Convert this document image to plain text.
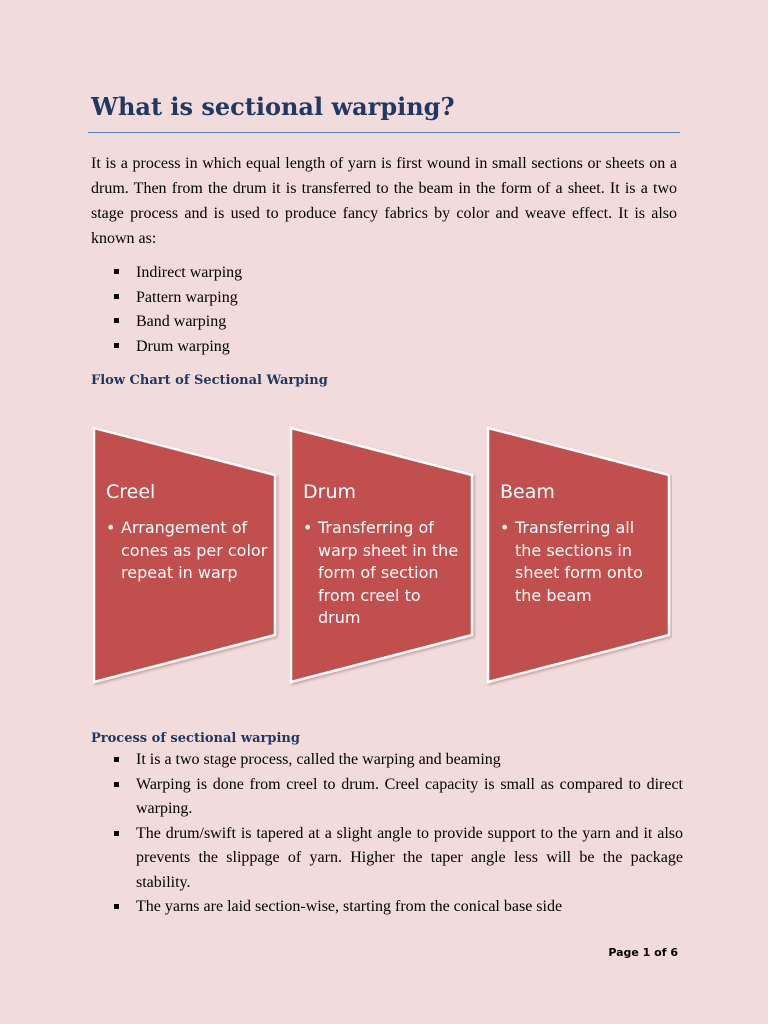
What is sectional warping?

It is a process in which equal length of yarn is first wound in small sections or sheets on a drum. Then from the drum it is transferred to the beam in the form of a sheet. It is a two stage process and is used to produce fancy fabrics by color and weave effect. It is also known as:

Indirect warping
Pattern warping
Band warping
Drum warping
Flow Chart of Sectional Warping
Creel
• Arrangement of cones as per color repeat in warp
Drum
• Transferring of warp sheet in the form of section from creel to drum
Beam
• Transferring all the sections in sheet form onto the beam
Process of sectional warping
It is a two stage process, called the warping and beaming
Warping is done from creel to drum. Creel capacity is small as compared to direct warping.
The drum/swift is tapered at a slight angle to provide support to the yarn and it also prevents the slippage of yarn. Higher the taper angle less will be the package stability.
The yarns are laid section-wise, starting from the conical base side
Page 1 of 6
